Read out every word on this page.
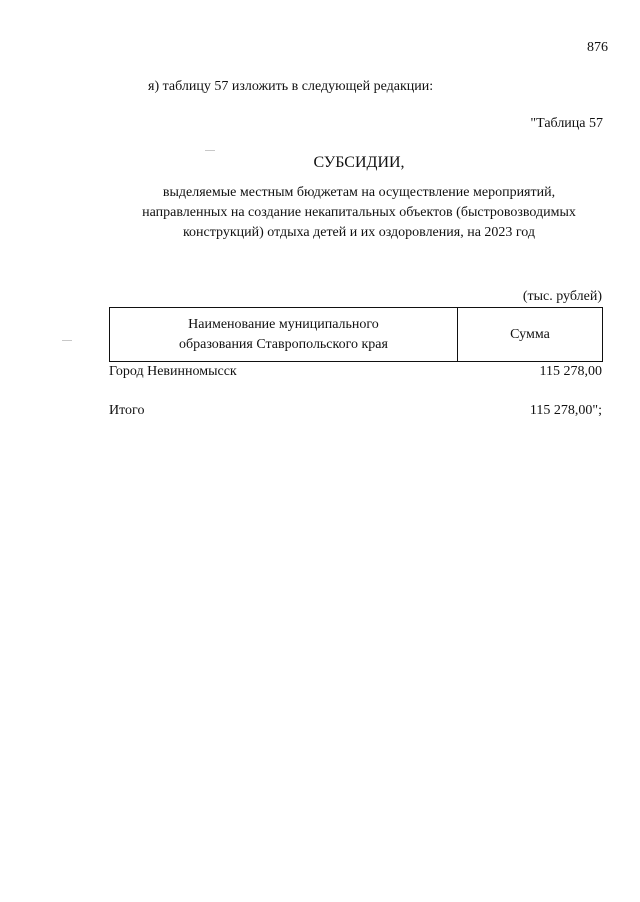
876
я) таблицу 57 изложить в следующей редакции:
"Таблица 57
СУБСИДИИ,
выделяемые местным бюджетам на осуществление мероприятий,
направленных на создание некапитальных объектов (быстровозводимых
конструкций) отдыха детей и их оздоровления, на 2023 год
(тыс. рублей)
Наименование муниципального
образования Ставропольского края
Сумма
Город Невинномысск	115 278,00
Итого	115 278,00";
